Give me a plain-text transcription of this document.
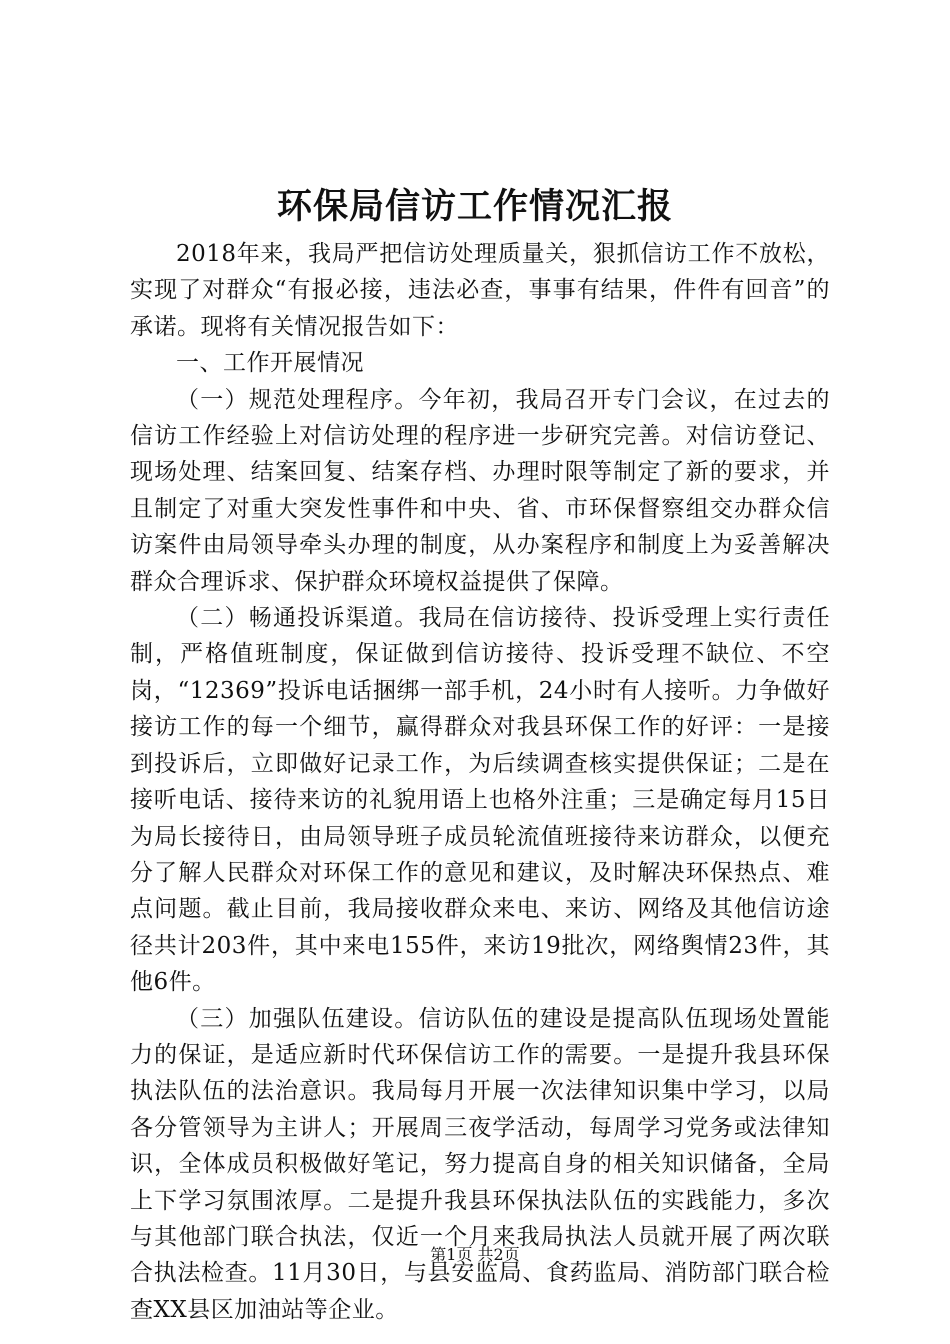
环保局信访工作情况汇报

2018年来，我局严把信访处理质量关，狠抓信访工作不放松，实现了对群众“有报必接，违法必查，事事有结果，件件有回音”的承诺。现将有关情况报告如下：

一、工作开展情况

（一）规范处理程序。今年初，我局召开专门会议，在过去的信访工作经验上对信访处理的程序进一步研究完善。对信访登记、现场处理、结案回复、结案存档、办理时限等制定了新的要求，并且制定了对重大突发性事件和中央、省、市环保督察组交办群众信访案件由局领导牵头办理的制度，从办案程序和制度上为妥善解决群众合理诉求、保护群众环境权益提供了保障。

（二）畅通投诉渠道。我局在信访接待、投诉受理上实行责任制，严格值班制度，保证做到信访接待、投诉受理不缺位、不空岗，“12369”投诉电话捆绑一部手机，24小时有人接听。力争做好接访工作的每一个细节，赢得群众对我县环保工作的好评：一是接到投诉后，立即做好记录工作，为后续调查核实提供保证；二是在接听电话、接待来访的礼貌用语上也格外注重；三是确定每月15日为局长接待日，由局领导班子成员轮流值班接待来访群众，以便充分了解人民群众对环保工作的意见和建议，及时解决环保热点、难点问题。截止目前，我局接收群众来电、来访、网络及其他信访途径共计203件，其中来电155件，来访19批次，网络舆情23件，其他6件。

（三）加强队伍建设。信访队伍的建设是提高队伍现场处置能力的保证，是适应新时代环保信访工作的需要。一是提升我县环保执法队伍的法治意识。我局每月开展一次法律知识集中学习，以局各分管领导为主讲人；开展周三夜学活动，每周学习党务或法律知识，全体成员积极做好笔记，努力提高自身的相关知识储备，全局上下学习氛围浓厚。二是提升我县环保执法队伍的实践能力，多次与其他部门联合执法，仅近一个月来我局执法人员就开展了两次联合执法检查。11月30日，与县安监局、食药监局、消防部门联合检查XX县区加油站等企业。

第1页 共2页
